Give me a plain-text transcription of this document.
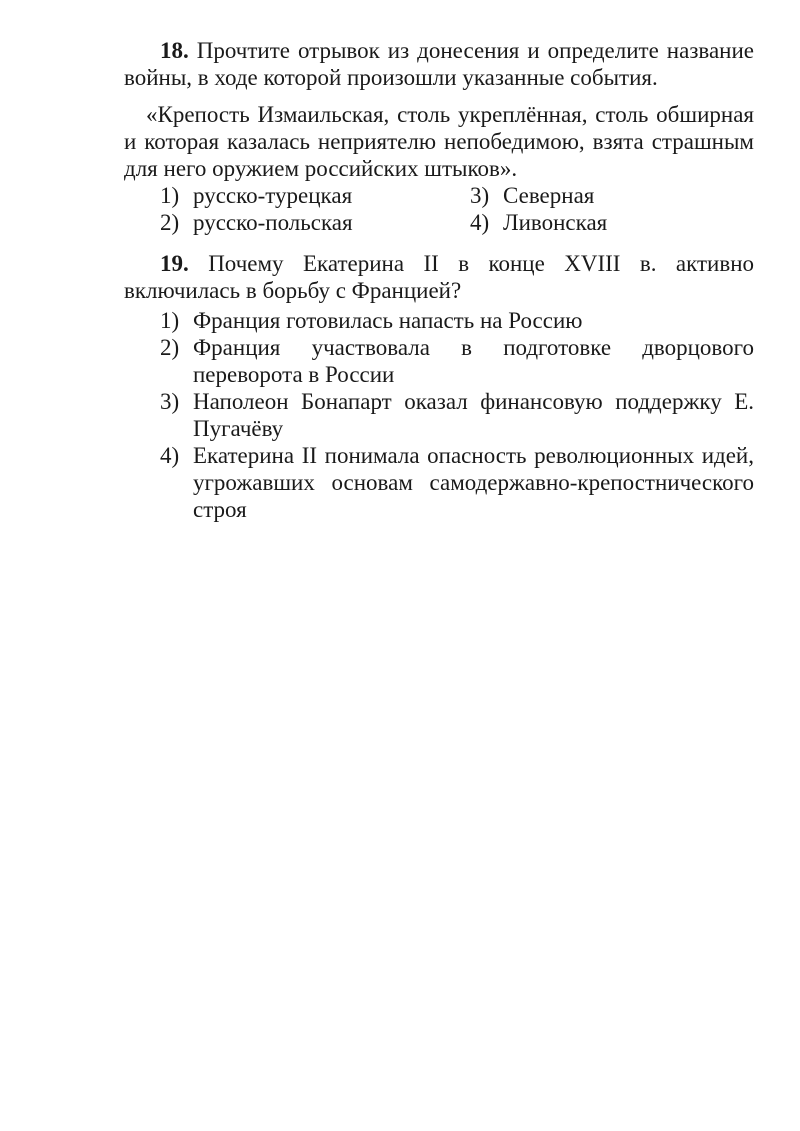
18. Прочтите отрывок из донесения и определите название войны, в ходе которой произошли указанные события.

«Крепость Измаильская, столь укреплённая, столь обширная и которая казалась неприятелю непобедимою, взята страшным для него оружием российских штыков».

1) русско-турецкая	3) Северная
2) русско-польская	4) Ливонская

19. Почему Екатерина II в конце XVIII в. активно включилась в борьбу с Францией?

1) Франция готовилась напасть на Россию
2) Франция участвовала в подготовке дворцового переворота в России
3) Наполеон Бонапарт оказал финансовую поддержку Е. Пугачёву
4) Екатерина II понимала опасность революционных идей, угрожавших основам самодержавно-крепостнического строя
